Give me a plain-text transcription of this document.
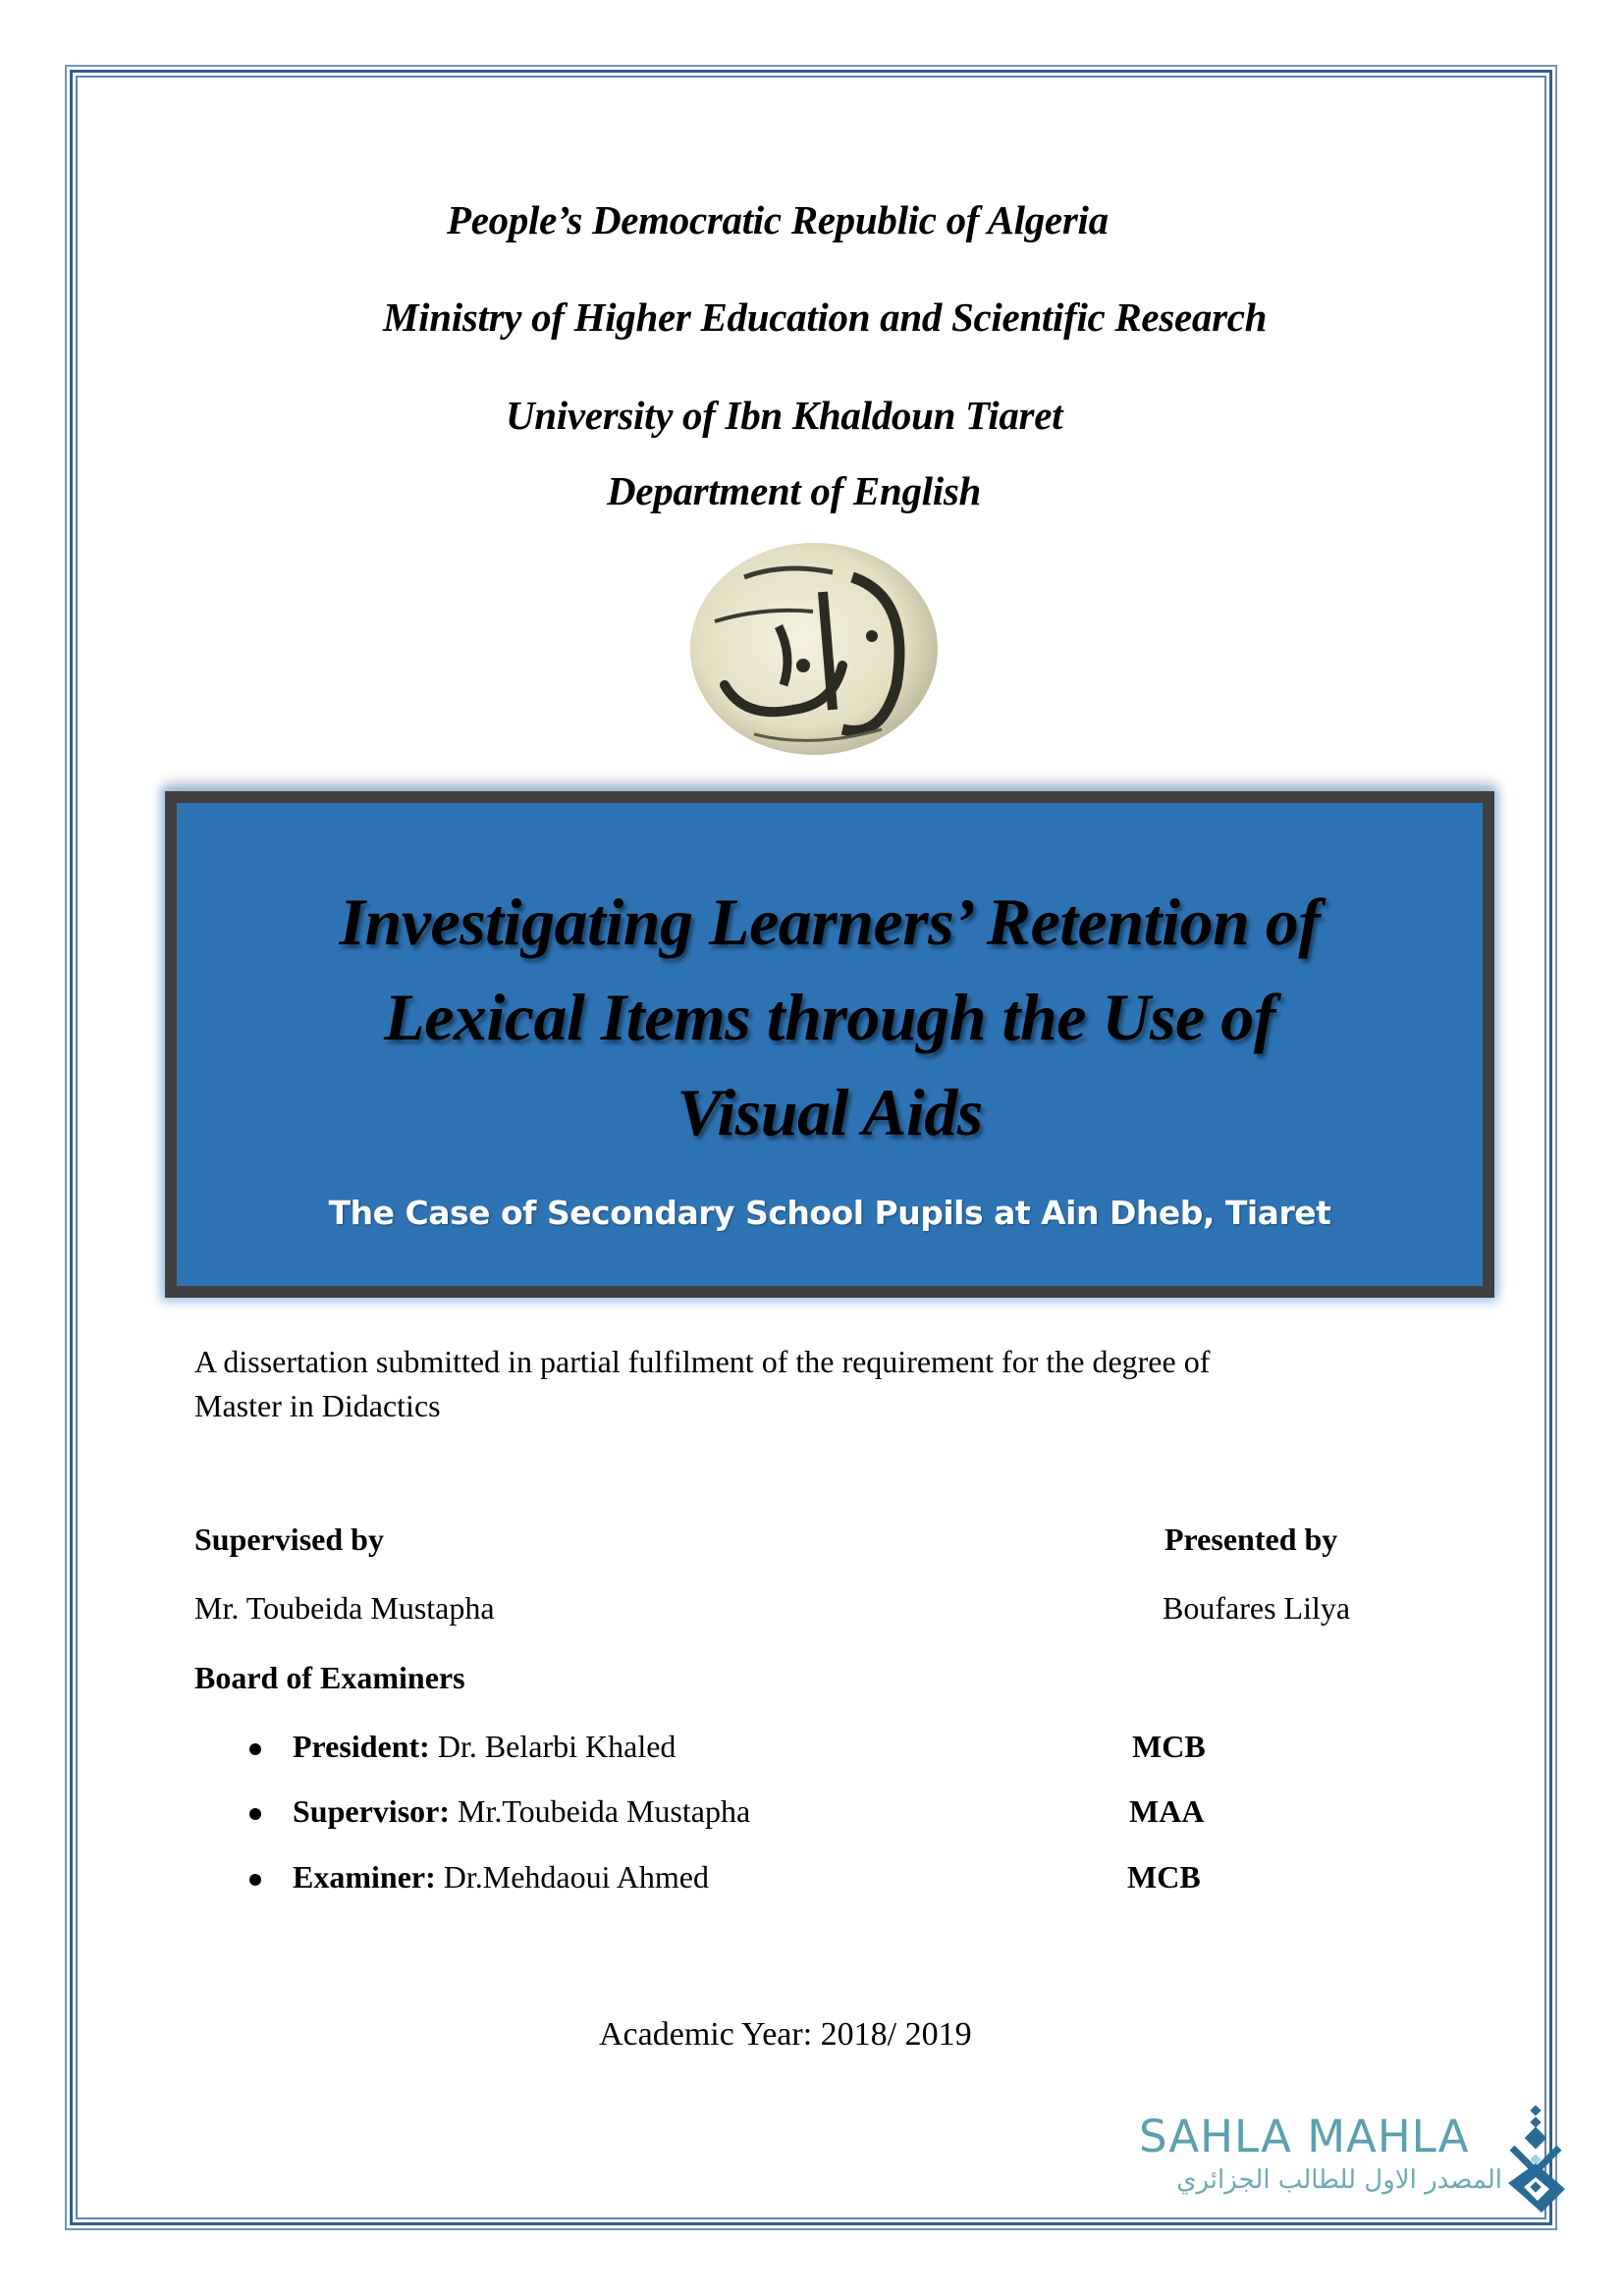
People’s Democratic Republic of Algeria
Ministry of Higher Education and Scientific Research
University of Ibn Khaldoun Tiaret
Department of English
Investigating Learners’ Retention of
Lexical Items through the Use of
Visual Aids
The Case of Secondary School Pupils at Ain Dheb, Tiaret
A dissertation submitted in partial fulfilment of the requirement for the degree of
Master in Didactics
Supervised by	Presented by
Mr. Toubeida Mustapha	Boufares Lilya
Board of Examiners
President: Dr. Belarbi Khaled	MCB
Supervisor: Mr.Toubeida Mustapha	MAA
Examiner: Dr.Mehdaoui Ahmed	MCB
Academic Year: 2018/ 2019
SAHLA MAHLA
المصدر الاول للطالب الجزائري
